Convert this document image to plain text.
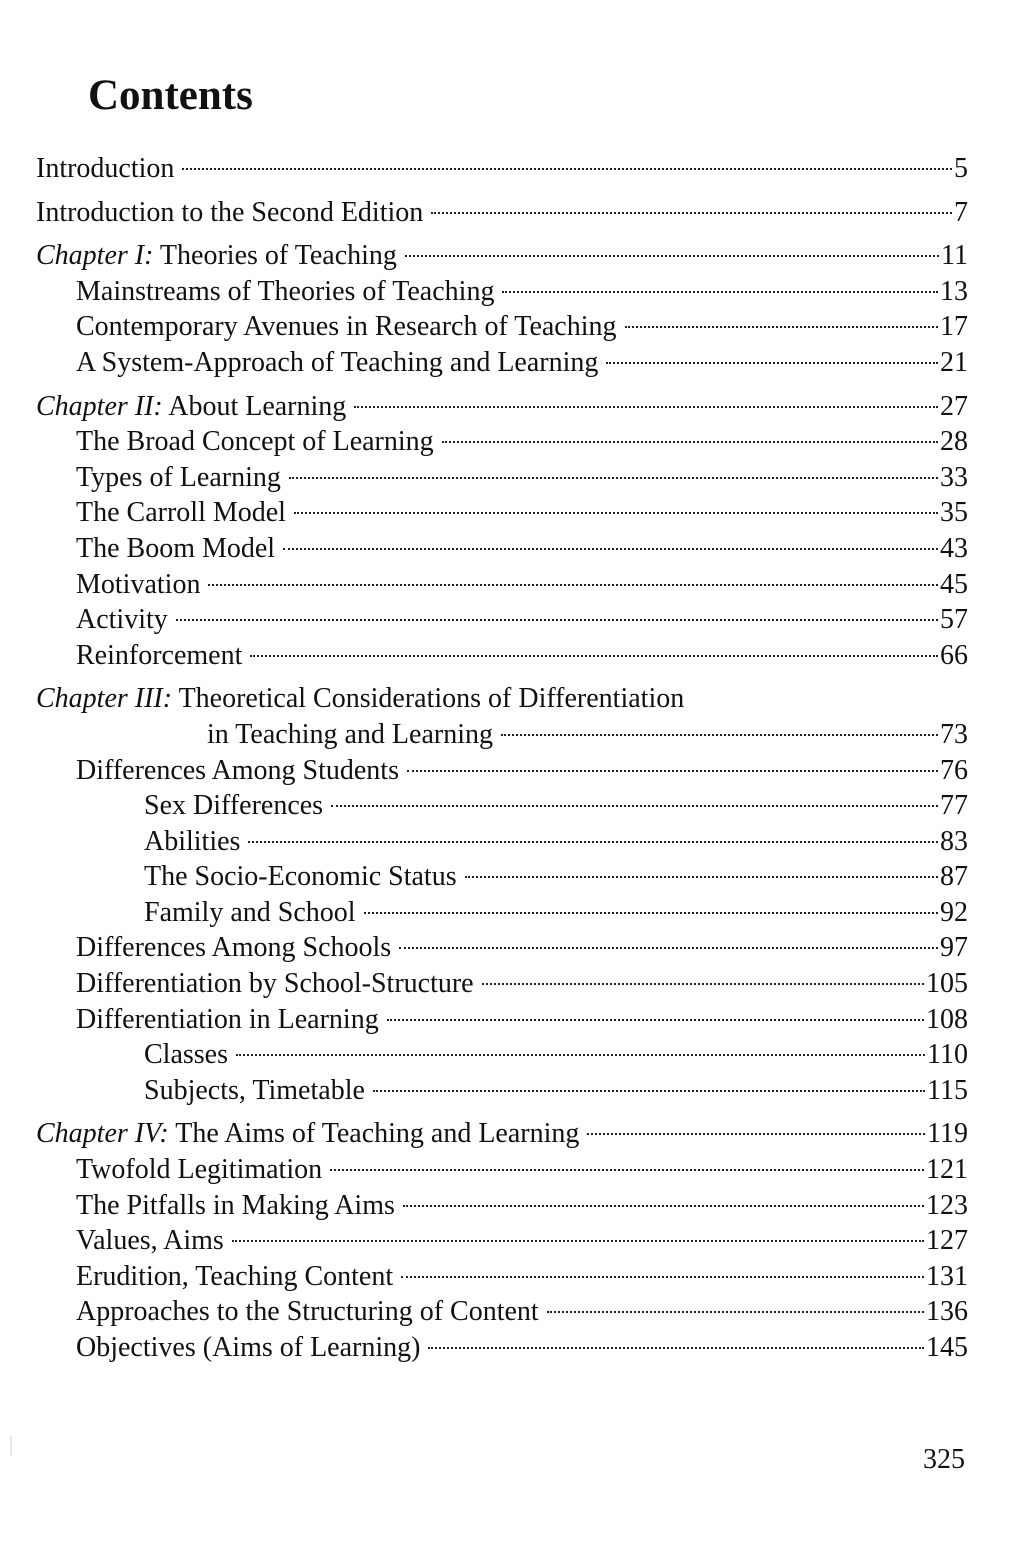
Contents
Introduction	5
Introduction to the Second Edition	7
Chapter I: Theories of Teaching	11
Mainstreams of Theories of Teaching	13
Contemporary Avenues in Research of Teaching	17
A System-Approach of Teaching and Learning	21
Chapter II: About Learning	27
The Broad Concept of Learning	28
Types of Learning	33
The Carroll Model	35
The Boom Model	43
Motivation	45
Activity	57
Reinforcement	66
Chapter III: Theoretical Considerations of Differentiation
in Teaching and Learning	73
Differences Among Students	76
Sex Differences	77
Abilities	83
The Socio-Economic Status	87
Family and School	92
Differences Among Schools	97
Differentiation by School-Structure	105
Differentiation in Learning	108
Classes	110
Subjects, Timetable	115
Chapter IV: The Aims of Teaching and Learning	119
Twofold Legitimation	121
The Pitfalls in Making Aims	123
Values, Aims	127
Erudition, Teaching Content	131
Approaches to the Structuring of Content	136
Objectives (Aims of Learning)	145
325
